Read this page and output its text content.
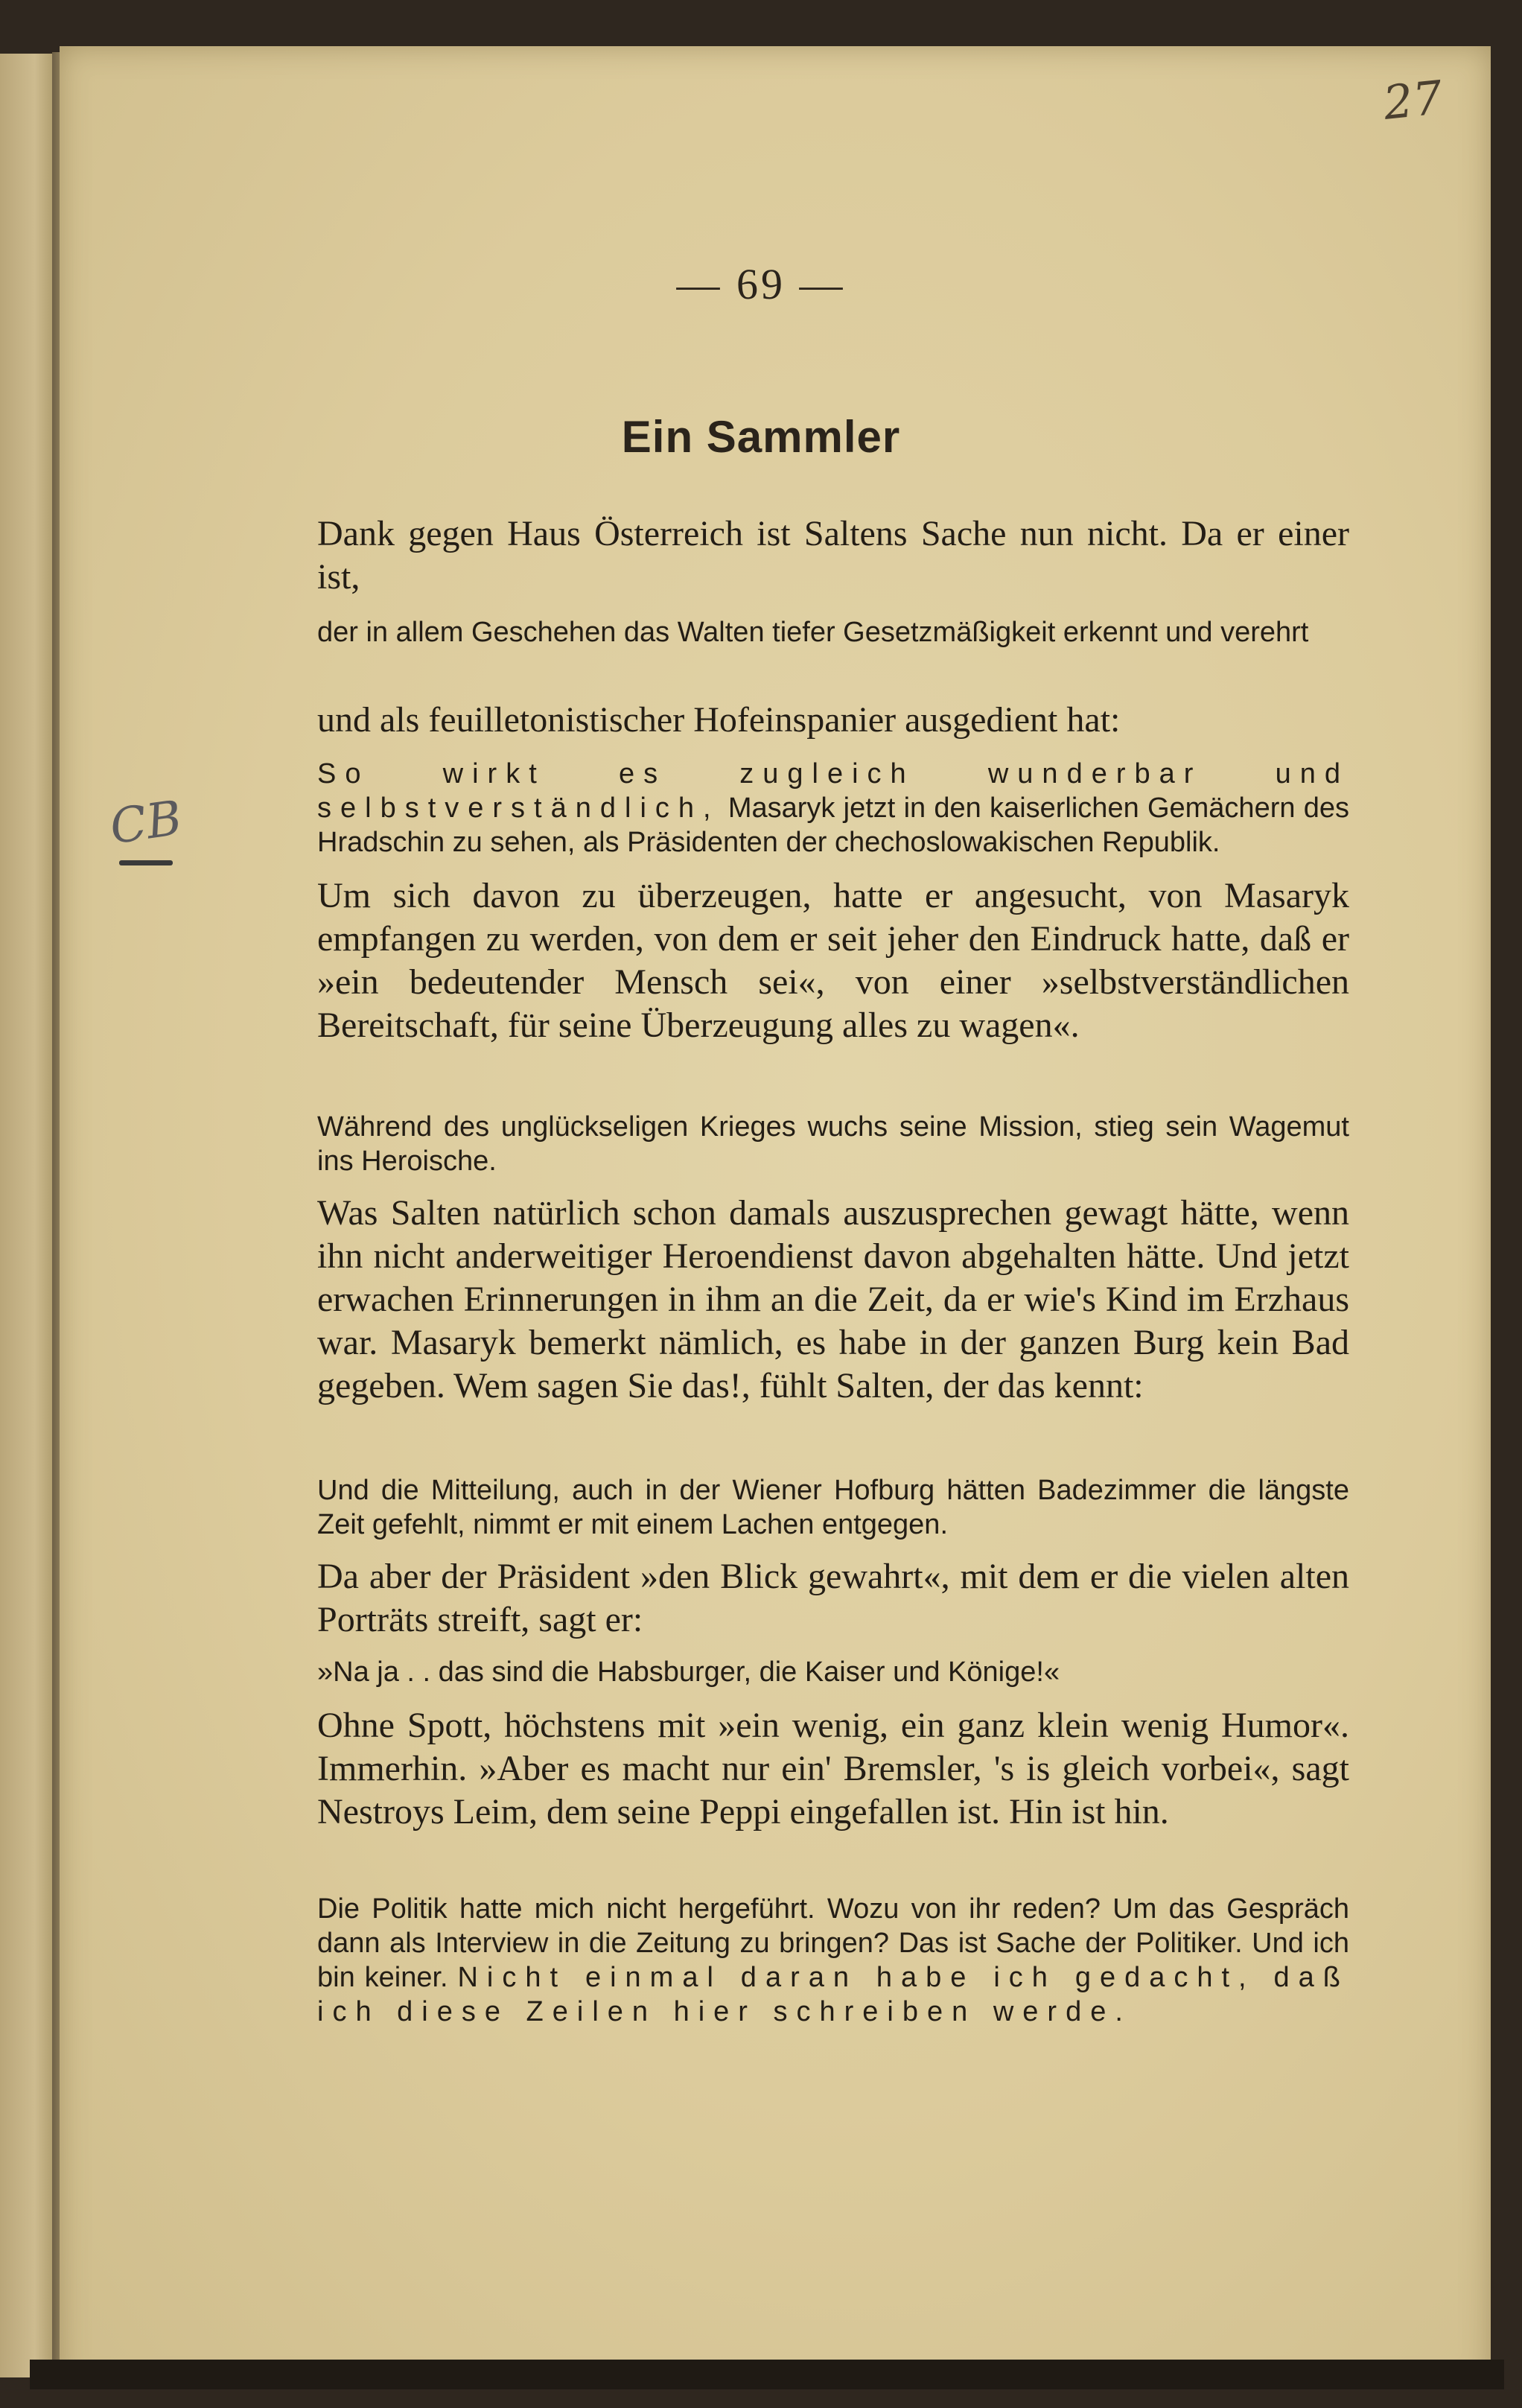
27
— 69 —
Ein Sammler
CB

Dank gegen Haus Österreich ist Saltens Sache nun nicht. Da er einer ist,

der in allem Geschehen das Walten tiefer Gesetzmäßigkeit erkennt und verehrt

und als feuilletonistischer Hofeinspanier ausgedient hat:

So wirkt es zugleich wunderbar und selbstverständlich, Masaryk jetzt in den kaiserlichen Gemächern des Hradschin zu sehen, als Präsidenten der chechoslowakischen Republik.

Um sich davon zu überzeugen, hatte er angesucht, von Masaryk empfangen zu werden, von dem er seit jeher den Eindruck hatte, daß er »ein bedeutender Mensch sei«, von einer »selbstverständlichen Bereitschaft, für seine Überzeugung alles zu wagen«.

Während des unglückseligen Krieges wuchs seine Mission, stieg sein Wagemut ins Heroische.

Was Salten natürlich schon damals auszusprechen gewagt hätte, wenn ihn nicht anderweitiger Heroendienst davon abgehalten hätte. Und jetzt erwachen Erinnerungen in ihm an die Zeit, da er wie's Kind im Erzhaus war. Masaryk bemerkt nämlich, es habe in der ganzen Burg kein Bad gegeben. Wem sagen Sie das!, fühlt Salten, der das kennt:

Und die Mitteilung, auch in der Wiener Hofburg hätten Badezimmer die längste Zeit gefehlt, nimmt er mit einem Lachen entgegen.

Da aber der Präsident »den Blick gewahrt«, mit dem er die vielen alten Porträts streift, sagt er:

»Na ja . . das sind die Habsburger, die Kaiser und Könige!«

Ohne Spott, höchstens mit »ein wenig, ein ganz klein wenig Humor«. Immerhin. »Aber es macht nur ein' Bremsler, 's is gleich vorbei«, sagt Nestroys Leim, dem seine Peppi eingefallen ist. Hin ist hin.

Die Politik hatte mich nicht hergeführt. Wozu von ihr reden? Um das Gespräch dann als Interview in die Zeitung zu bringen? Das ist Sache der Politiker. Und ich bin keiner. Nicht einmal daran habe ich gedacht, daß ich diese Zeilen hier schreiben werde.
